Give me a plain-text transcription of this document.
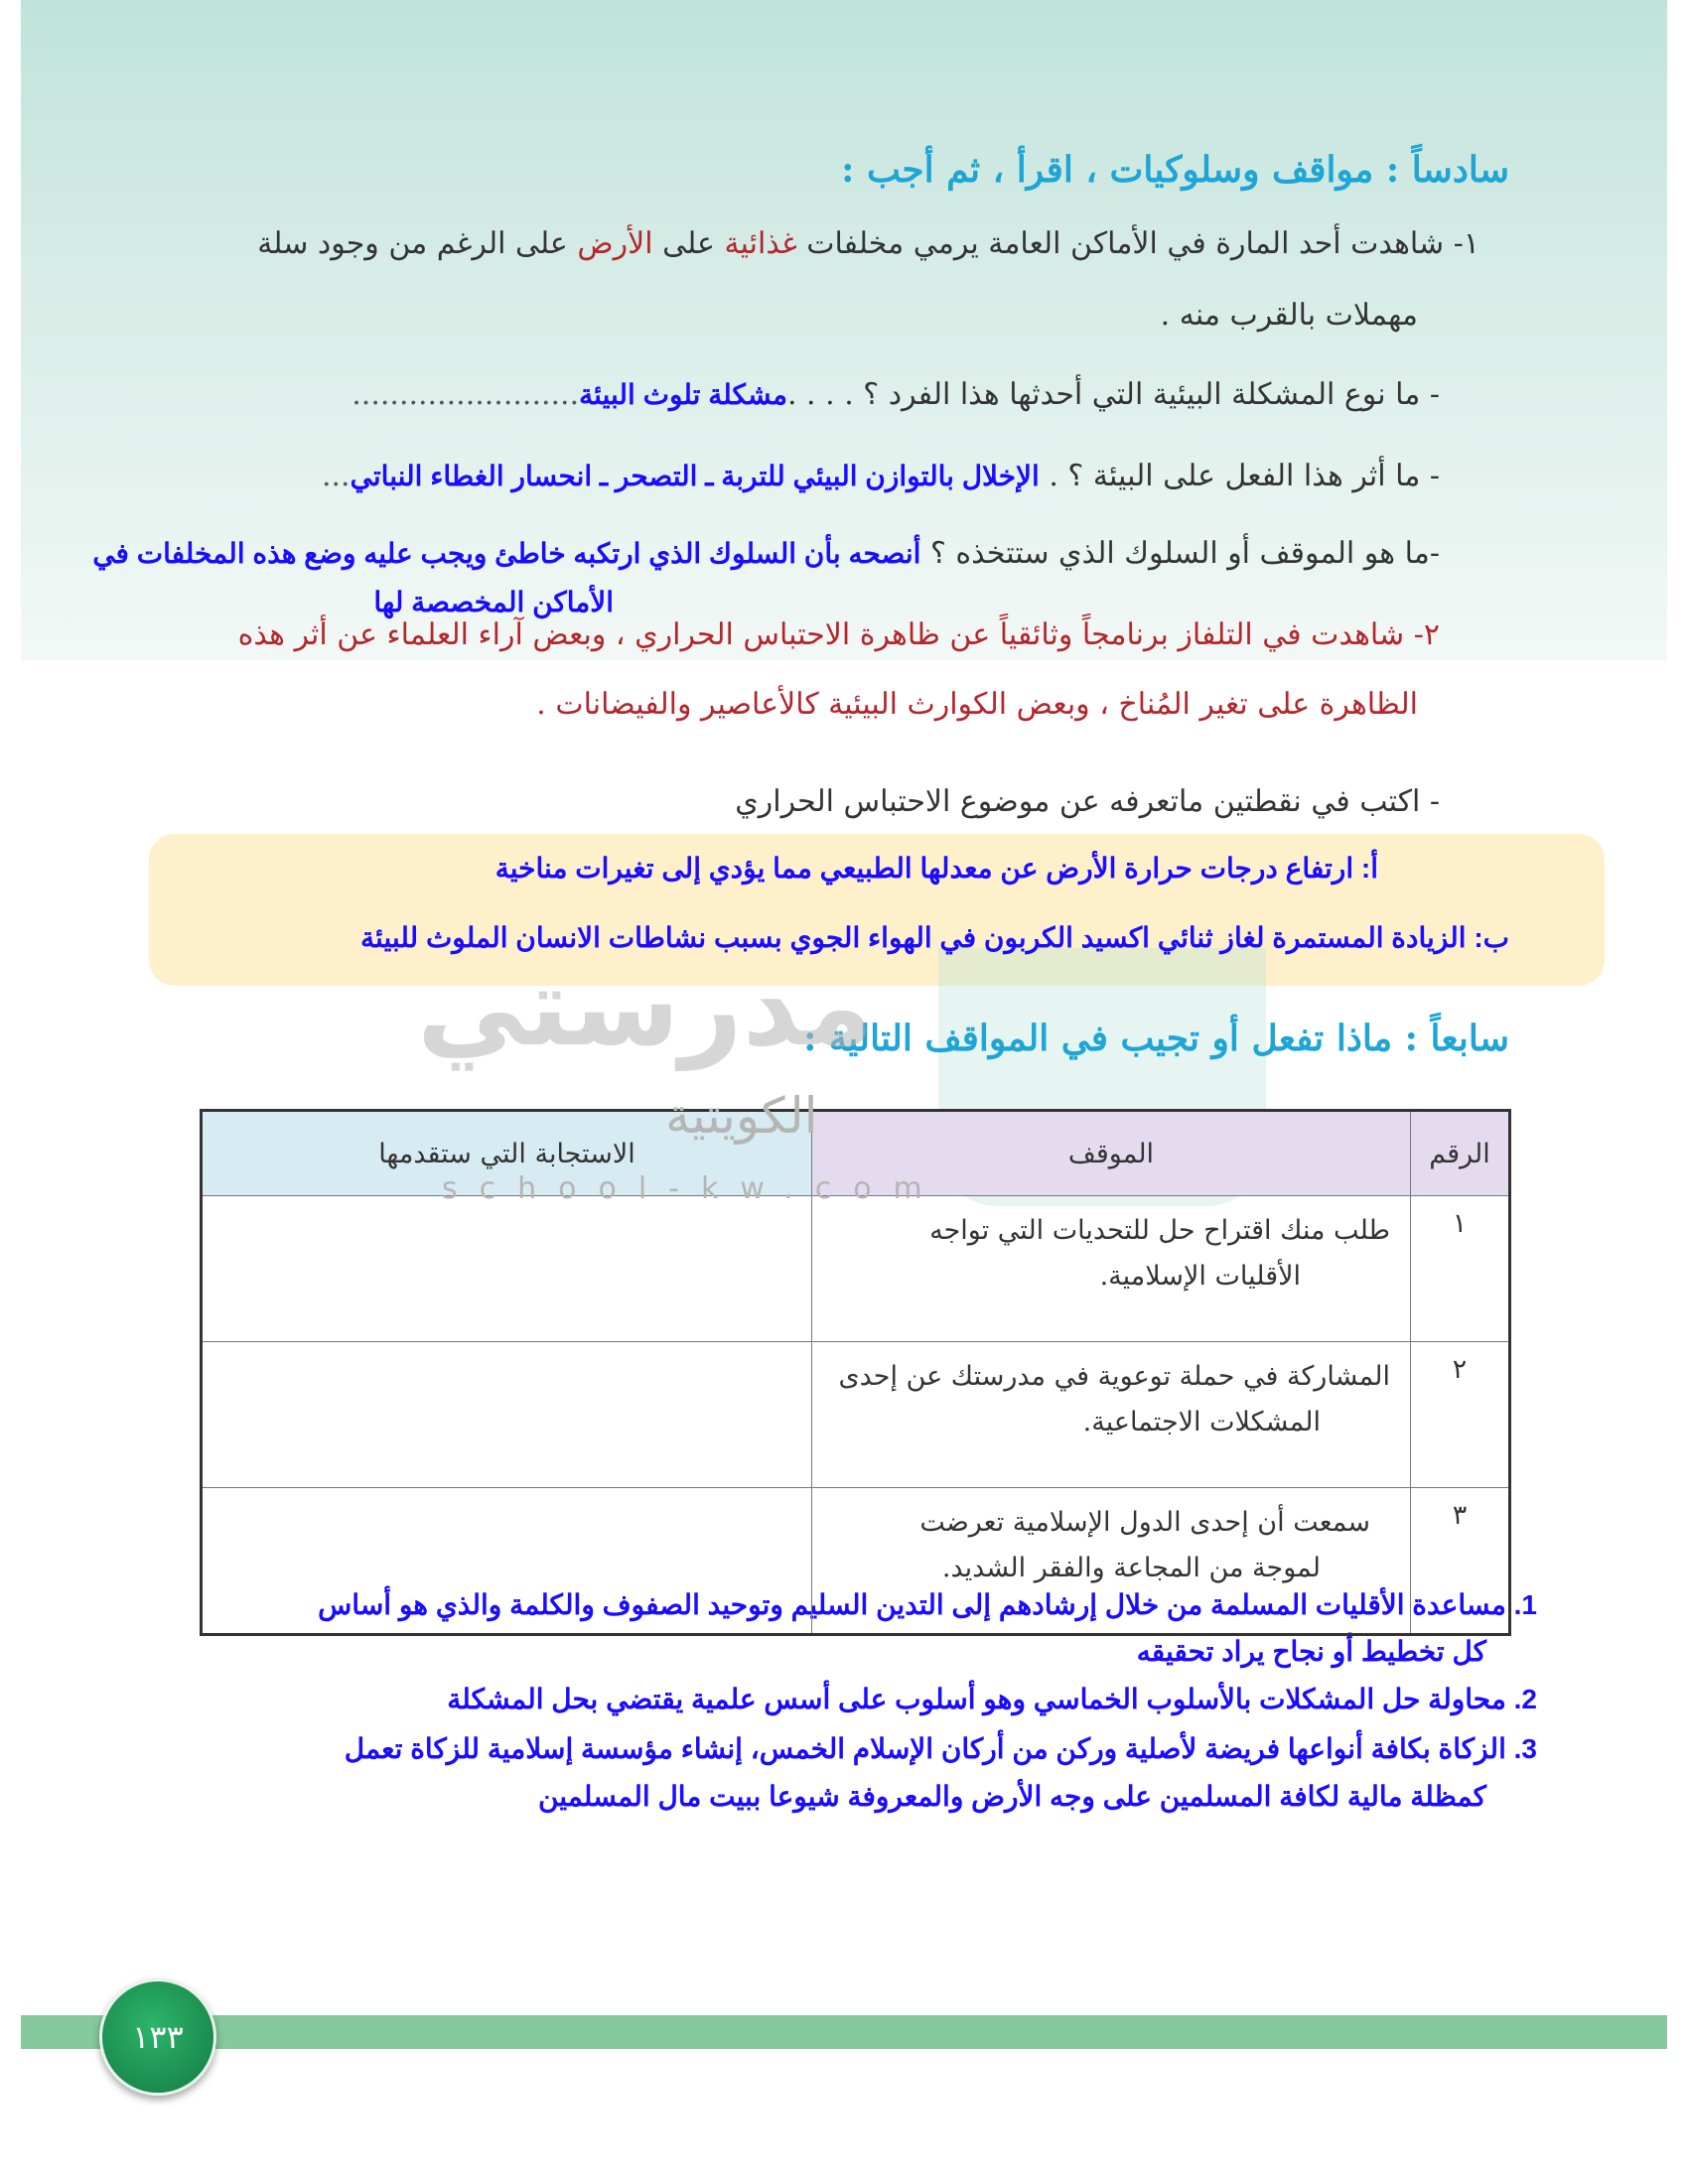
سادساً : مواقف وسلوكيات ، اقرأ ، ثم أجب :
١- شاهدت أحد المارة في الأماكن العامة يرمي مخلفات غذائية على الأرض على الرغم من وجود سلة
مهملات بالقرب منه .
- ما نوع المشكلة البيئية التي أحدثها هذا الفرد ؟ . . . .مشكلة تلوث البيئة........................
- ما أثر هذا الفعل على البيئة ؟ . الإخلال بالتوازن البيئي للتربة ـ التصحر ـ انحسار الغطاء النباتي...
-ما هو الموقف أو السلوك الذي ستتخذه ؟ أنصحه بأن السلوك الذي ارتكبه خاطئ ويجب عليه وضع هذه المخلفات في
الأماكن المخصصة لها
٢- شاهدت في التلفاز برنامجاً وثائقياً عن ظاهرة الاحتباس الحراري ، وبعض آراء العلماء عن أثر هذه
الظاهرة على تغير المُناخ ، وبعض الكوارث البيئية كالأعاصير والفيضانات .
- اكتب في نقطتين ماتعرفه عن موضوع الاحتباس الحراري
مدرستي
أ: ارتفاع درجات حرارة الأرض عن معدلها الطبيعي مما يؤدي إلى تغيرات مناخية
ب: الزيادة المستمرة لغاز ثنائي اكسيد الكربون في الهواء الجوي بسبب نشاطات الانسان الملوث للبيئة
سابعاً : ماذا تفعل أو تجيب في المواقف التالية :
الرقم	الموقف	الاستجابة التي ستقدمها
١	طلب منك اقتراح حل للتحديات التي تواجه
الأقليات الإسلامية.	

٢	المشاركة في حملة توعوية في مدرستك عن إحدى
المشكلات الاجتماعية.	

٣	سمعت أن إحدى الدول الإسلامية تعرضت
لموجة من المجاعة والفقر الشديد.	

الكويتية
school-kw.com
1. مساعدة الأقليات المسلمة من خلال إرشادهم إلى التدين السليم وتوحيد الصفوف والكلمة والذي هو أساس
كل تخطيط أو نجاح يراد تحقيقه
2. محاولة حل المشكلات بالأسلوب الخماسي وهو أسلوب على أسس علمية يقتضي بحل المشكلة
3. الزكاة بكافة أنواعها فريضة لأصلية وركن من أركان الإسلام الخمس، إنشاء مؤسسة إسلامية للزكاة تعمل
كمظلة مالية لكافة المسلمين على وجه الأرض والمعروفة شيوعا ببيت مال المسلمين
١٣٣
